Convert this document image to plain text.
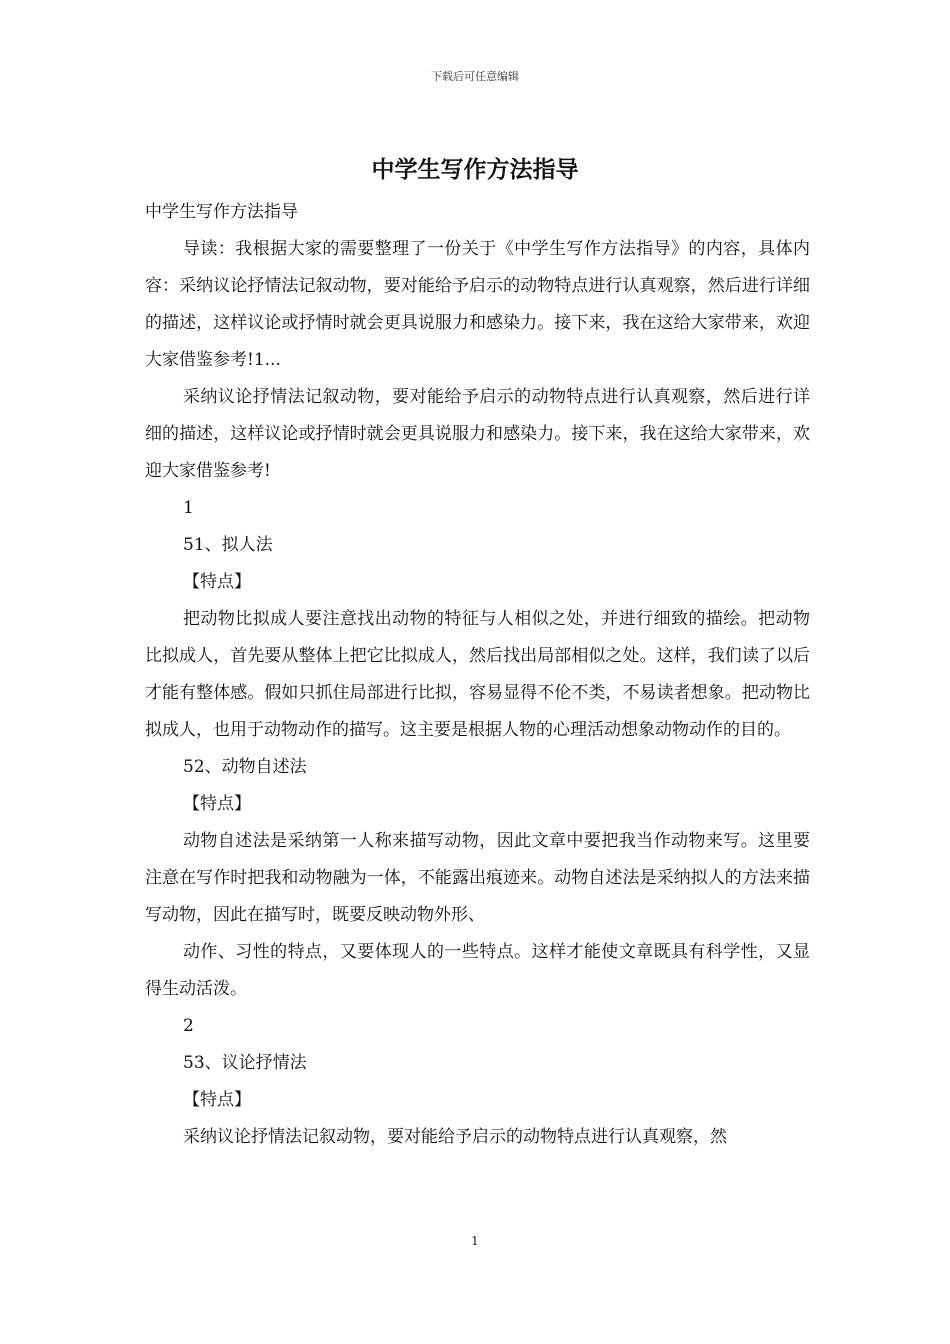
下载后可任意编辑
中学生写作方法指导

中学生写作方法指导

导读：我根据大家的需要整理了一份关于《中学生写作方法指导》的内容，具体内容：采纳议论抒情法记叙动物，要对能给予启示的动物特点进行认真观察，然后进行详细的描述，这样议论或抒情时就会更具说服力和感染力。接下来，我在这给大家带来，欢迎大家借鉴参考!1...

采纳议论抒情法记叙动物，要对能给予启示的动物特点进行认真观察，然后进行详细的描述，这样议论或抒情时就会更具说服力和感染力。接下来，我在这给大家带来，欢迎大家借鉴参考!

1

51、拟人法

【特点】

把动物比拟成人要注意找出动物的特征与人相似之处，并进行细致的描绘。把动物比拟成人，首先要从整体上把它比拟成人，然后找出局部相似之处。这样，我们读了以后才能有整体感。假如只抓住局部进行比拟，容易显得不伦不类，不易读者想象。把动物比拟成人，也用于动物动作的描写。这主要是根据人物的心理活动想象动物动作的目的。

52、动物自述法

【特点】

动物自述法是采纳第一人称来描写动物，因此文章中要把我当作动物来写。这里要注意在写作时把我和动物融为一体，不能露出痕迹来。动物自述法是采纳拟人的方法来描写动物，因此在描写时，既要反映动物外形、

动作、习性的特点，又要体现人的一些特点。这样才能使文章既具有科学性，又显得生动活泼。

2

53、议论抒情法

【特点】

采纳议论抒情法记叙动物，要对能给予启示的动物特点进行认真观察，然

1
